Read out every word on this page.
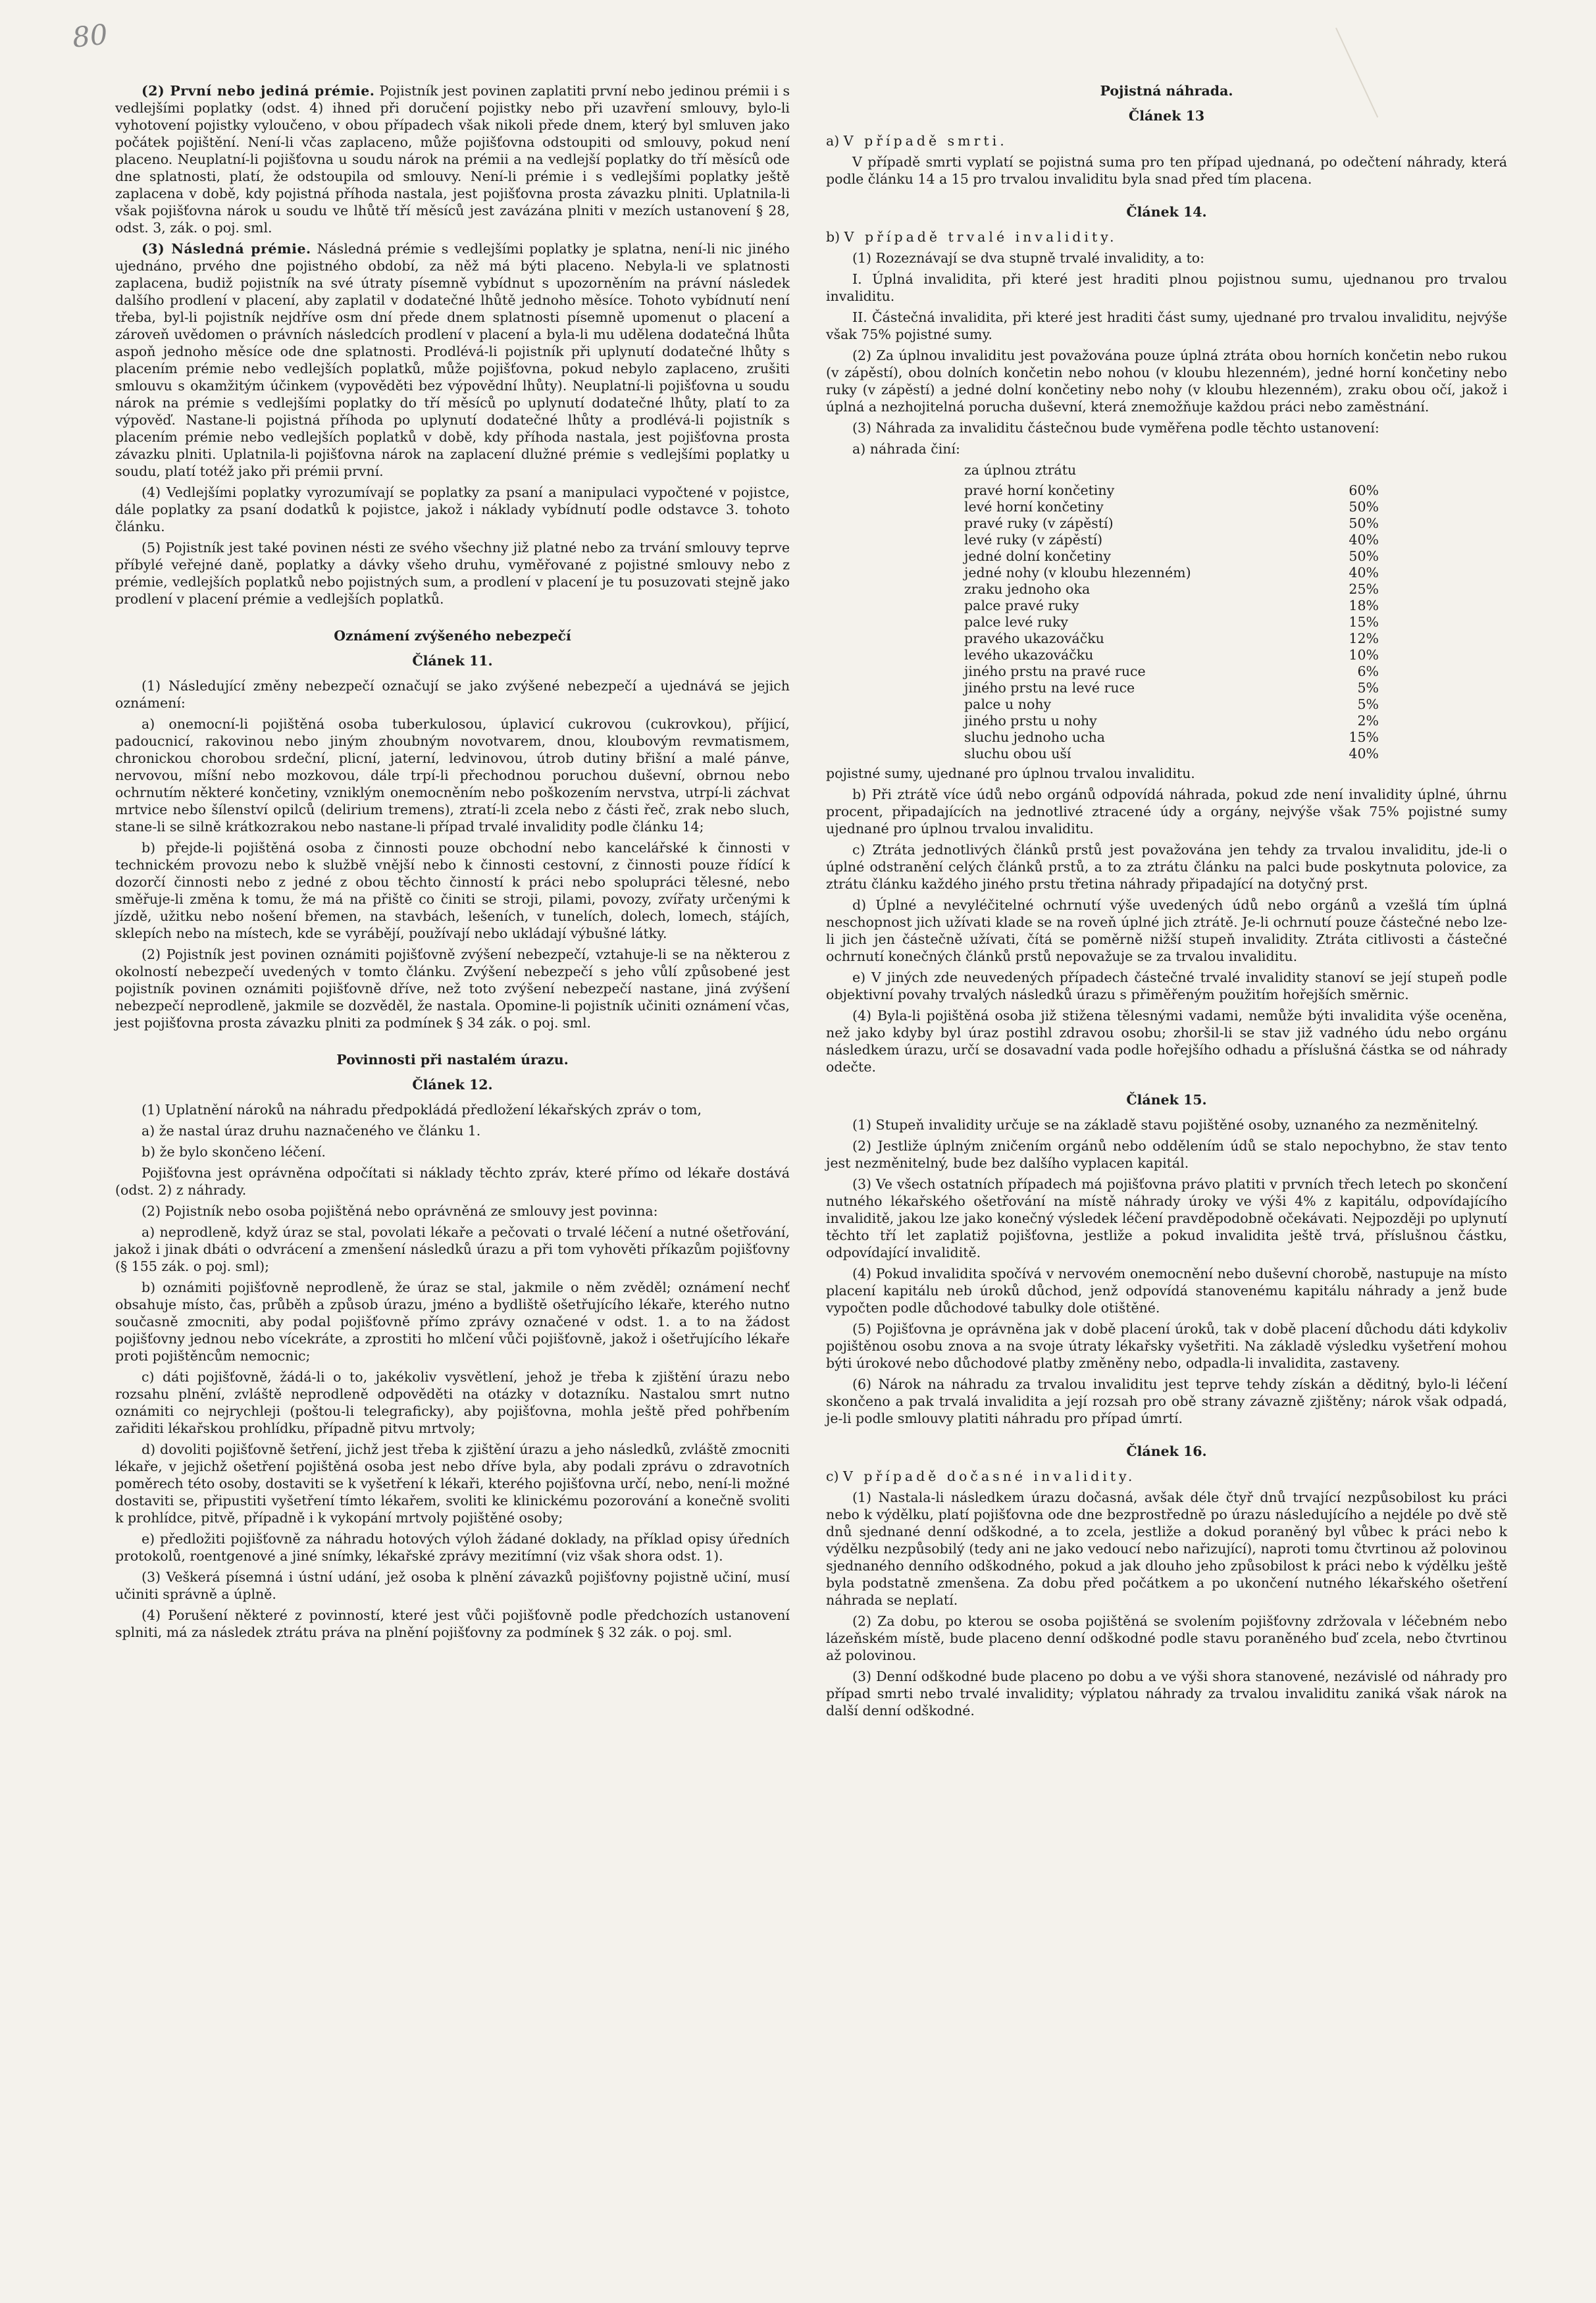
80

(2) První nebo jediná prémie. Pojistník jest povinen zaplatiti první nebo jedinou prémii i s vedlejšími poplatky (odst. 4) ihned při doručení pojistky nebo při uzavření smlouvy, bylo-li vyhotovení pojistky vyloučeno, v obou případech však nikoli přede dnem, který byl smluven jako počátek pojištění. Není-li včas zaplaceno, může pojišťovna odstoupiti od smlouvy, pokud není placeno. Neuplatní-li pojišťovna u soudu nárok na prémii a na vedlejší poplatky do tří měsíců ode dne splatnosti, platí, že odstoupila od smlouvy. Není-li prémie i s vedlejšími poplatky ještě zaplacena v době, kdy pojistná příhoda nastala, jest pojišťovna prosta závazku plniti. Uplatnila-li však pojišťovna nárok u soudu ve lhůtě tří měsíců jest zavázána plniti v mezích ustanovení § 28, odst. 3, zák. o poj. sml.

(3) Následná prémie. Následná prémie s vedlejšími poplatky je splatna, není-li nic jiného ujednáno, prvého dne pojistného období, za něž má býti placeno. Nebyla-li ve splatnosti zaplacena, budiž pojistník na své útraty písemně vybídnut s upozorněním na právní následek dalšího prodlení v placení, aby zaplatil v dodatečné lhůtě jednoho měsíce. Tohoto vybídnutí není třeba, byl-li pojistník nejdříve osm dní přede dnem splatnosti písemně upomenut o placení a zároveň uvědomen o právních následcích prodlení v placení a byla-li mu udělena dodatečná lhůta aspoň jednoho měsíce ode dne splatnosti. Prodlévá-li pojistník při uplynutí dodatečné lhůty s placením prémie nebo vedlejších poplatků, může pojišťovna, pokud nebylo zaplaceno, zrušiti smlouvu s okamžitým účinkem (vypověděti bez výpovědní lhůty). Neuplatní-li pojišťovna u soudu nárok na prémie s vedlejšími poplatky do tří měsíců po uplynutí dodatečné lhůty, platí to za výpověď. Nastane-li pojistná příhoda po uplynutí dodatečné lhůty a prodlévá-li pojistník s placením prémie nebo vedlejších poplatků v době, kdy příhoda nastala, jest pojišťovna prosta závazku plniti. Uplatnila-li pojišťovna nárok na zaplacení dlužné prémie s vedlejšími poplatky u soudu, platí totéž jako při prémii první.

(4) Vedlejšími poplatky vyrozumívají se poplatky za psaní a manipulaci vypočtené v pojistce, dále poplatky za psaní dodatků k pojistce, jakož i náklady vybídnutí podle odstavce 3. tohoto článku.

(5) Pojistník jest také povinen nésti ze svého všechny již platné nebo za trvání smlouvy teprve příbylé veřejné daně, poplatky a dávky všeho druhu, vyměřované z pojistné smlouvy nebo z prémie, vedlejších poplatků nebo pojistných sum, a prodlení v placení je tu posuzovati stejně jako prodlení v placení prémie a vedlejších poplatků.

Oznámení zvýšeného nebezpečí
Článek 11.

(1) Následující změny nebezpečí označují se jako zvýšené nebezpečí a ujednává se jejich oznámení:

a) onemocní-li pojištěná osoba tuberkulosou, úplavicí cukrovou (cukrovkou), příjicí, padoucnicí, rakovinou nebo jiným zhoubným novotvarem, dnou, kloubovým revmatismem, chronickou chorobou srdeční, plicní, jaterní, ledvinovou, útrob dutiny břišní a malé pánve, nervovou, míšní nebo mozkovou, dále trpí-li přechodnou poruchou duševní, obrnou nebo ochrnutím některé končetiny, vzniklým onemocněním nebo poškozením nervstva, utrpí-li záchvat mrtvice nebo šílenství opilců (delirium tremens), ztratí-li zcela nebo z části řeč, zrak nebo sluch, stane-li se silně krátkozrakou nebo nastane-li případ trvalé invalidity podle článku 14;

b) přejde-li pojištěná osoba z činnosti pouze obchodní nebo kancelářské k činnosti v technickém provozu nebo k službě vnější nebo k činnosti cestovní, z činnosti pouze řídící k dozorčí činnosti nebo z jedné z obou těchto činností k práci nebo spolupráci tělesné, nebo směřuje-li změna k tomu, že má na přiště co činiti se stroji, pilami, povozy, zvířaty určenými k jízdě, užitku nebo nošení břemen, na stavbách, lešeních, v tunelích, dolech, lomech, stájích, sklepích nebo na místech, kde se vyrábějí, používají nebo ukládají výbušné látky.

(2) Pojistník jest povinen oznámiti pojišťovně zvýšení nebezpečí, vztahuje-li se na některou z okolností nebezpečí uvedených v tomto článku. Zvýšení nebezpečí s jeho vůlí způsobené jest pojistník povinen oznámiti pojišťovně dříve, než toto zvýšení nebezpečí nastane, jiná zvýšení nebezpečí neprodleně, jakmile se dozvěděl, že nastala. Opomine-li pojistník učiniti oznámení včas, jest pojišťovna prosta závazku plniti za podmínek § 34 zák. o poj. sml.

Povinnosti při nastalém úrazu.
Článek 12.

(1) Uplatnění nároků na náhradu předpokládá předložení lékařských zpráv o tom,

a) že nastal úraz druhu naznačeného ve článku 1.

b) že bylo skončeno léčení.

Pojišťovna jest oprávněna odpočítati si náklady těchto zpráv, které přímo od lékaře dostává (odst. 2) z náhrady.

(2) Pojistník nebo osoba pojištěná nebo oprávněná ze smlouvy jest povinna:

a) neprodleně, když úraz se stal, povolati lékaře a pečovati o trvalé léčení a nutné ošetřování, jakož i jinak dbáti o odvrácení a zmenšení následků úrazu a při tom vyhověti příkazům pojišťovny (§ 155 zák. o poj. sml);

b) oznámiti pojišťovně neprodleně, že úraz se stal, jakmile o něm zvěděl; oznámení nechť obsahuje místo, čas, průběh a způsob úrazu, jméno a bydliště ošetřujícího lékaře, kterého nutno současně zmocniti, aby podal pojišťovně přímo zprávy označené v odst. 1. a to na žádost pojišťovny jednou nebo vícekráte, a zprostiti ho mlčení vůči pojišťovně, jakož i ošetřujícího lékaře proti pojištěncům nemocnic;

c) dáti pojišťovně, žádá-li o to, jakékoliv vysvětlení, jehož je třeba k zjištění úrazu nebo rozsahu plnění, zvláště neprodleně odpověděti na otázky v dotazníku. Nastalou smrt nutno oznámiti co nejrychleji (poštou-li telegraficky), aby pojišťovna, mohla ještě před pohřbením zařiditi lékařskou prohlídku, případně pitvu mrtvoly;

d) dovoliti pojišťovně šetření, jichž jest třeba k zjištění úrazu a jeho následků, zvláště zmocniti lékaře, v jejichž ošetření pojištěná osoba jest nebo dříve byla, aby podali zprávu o zdravotních poměrech této osoby, dostaviti se k vyšetření k lékaři, kterého pojišťovna určí, nebo, není-li možné dostaviti se, připustiti vyšetření tímto lékařem, svoliti ke klinickému pozorování a konečně svoliti k prohlídce, pitvě, případně i k vykopání mrtvoly pojištěné osoby;

e) předložiti pojišťovně za náhradu hotových výloh žádané doklady, na příklad opisy úředních protokolů, roentgenové a jiné snímky, lékařské zprávy mezitímní (viz však shora odst. 1).

(3) Veškerá písemná i ústní udání, jež osoba k plnění závazků pojišťovny pojistně učiní, musí učiniti správně a úplně.

(4) Porušení některé z povinností, které jest vůči pojišťovně podle předchozích ustanovení splniti, má za následek ztrátu práva na plnění pojišťovny za podmínek § 32 zák. o poj. sml.

Pojistná náhrada.
Článek 13

a) V případě smrti.

V případě smrti vyplatí se pojistná suma pro ten případ ujednaná, po odečtení náhrady, která podle článku 14 a 15 pro trvalou invaliditu byla snad před tím placena.

Článek 14.

b) V případě trvalé invalidity.

(1) Rozeznávají se dva stupně trvalé invalidity, a to:

I. Úplná invalidita, při které jest hraditi plnou pojistnou sumu, ujednanou pro trvalou invaliditu.

II. Částečná invalidita, při které jest hraditi část sumy, ujednané pro trvalou invaliditu, nejvýše však 75% pojistné sumy.

(2) Za úplnou invaliditu jest považována pouze úplná ztráta obou horních končetin nebo rukou (v zápěstí), obou dolních končetin nebo nohou (v kloubu hlezenném), jedné horní končetiny nebo ruky (v zápěstí) a jedné dolní končetiny nebo nohy (v kloubu hlezenném), zraku obou očí, jakož i úplná a nezhojitelná porucha duševní, která znemožňuje každou práci nebo zaměstnání.

(3) Náhrada za invaliditu částečnou bude vyměřena podle těchto ustanovení:

a) náhrada činí:

za úplnou ztrátu

pravé horní končetiny	60%
levé horní končetiny	50%
pravé ruky (v zápěstí)	50%
levé ruky (v zápěstí)	40%
jedné dolní končetiny	50%
jedné nohy (v kloubu hlezenném)	40%
zraku jednoho oka	25%
palce pravé ruky	18%
palce levé ruky	15%
pravého ukazováčku	12%
levého ukazováčku	10%
jiného prstu na pravé ruce	6%
jiného prstu na levé ruce	5%
palce u nohy	5%
jiného prstu u nohy	2%
sluchu jednoho ucha	15%
sluchu obou uší	40%

pojistné sumy, ujednané pro úplnou trvalou invaliditu.

b) Při ztrátě více údů nebo orgánů odpovídá náhrada, pokud zde není invalidity úplné, úhrnu procent, připadajících na jednotlivé ztracené údy a orgány, nejvýše však 75% pojistné sumy ujednané pro úplnou trvalou invaliditu.

c) Ztráta jednotlivých článků prstů jest považována jen tehdy za trvalou invaliditu, jde-li o úplné odstranění celých článků prstů, a to za ztrátu článku na palci bude poskytnuta polovice, za ztrátu článku každého jiného prstu třetina náhrady připadající na dotyčný prst.

d) Úplné a nevyléčitelné ochrnutí výše uvedených údů nebo orgánů a vzešlá tím úplná neschopnost jich užívati klade se na roveň úplné jich ztrátě. Je-li ochrnutí pouze částečné nebo lze-li jich jen částečně užívati, čítá se poměrně nižší stupeň invalidity. Ztráta citlivosti a částečné ochrnutí konečných článků prstů nepovažuje se za trvalou invaliditu.

e) V jiných zde neuvedených případech částečné trvalé invalidity stanoví se její stupeň podle objektivní povahy trvalých následků úrazu s přiměřeným použitím hořejších směrnic.

(4) Byla-li pojištěná osoba již stižena tělesnými vadami, nemůže býti invalidita výše oceněna, než jako kdyby byl úraz postihl zdravou osobu; zhoršil-li se stav již vadného údu nebo orgánu následkem úrazu, určí se dosavadní vada podle hořejšího odhadu a příslušná částka se od náhrady odečte.

Článek 15.

(1) Stupeň invalidity určuje se na základě stavu pojištěné osoby, uznaného za nezměnitelný.

(2) Jestliže úplným zničením orgánů nebo oddělením údů se stalo nepochybno, že stav tento jest nezměnitelný, bude bez dalšího vyplacen kapitál.

(3) Ve všech ostatních případech má pojišťovna právo platiti v prvních třech letech po skončení nutného lékařského ošetřování na místě náhrady úroky ve výši 4% z kapitálu, odpovídajícího invaliditě, jakou lze jako konečný výsledek léčení pravděpodobně očekávati. Nejpozději po uplynutí těchto tří let zaplatiž pojišťovna, jestliže a pokud invalidita ještě trvá, příslušnou částku, odpovídající invaliditě.

(4) Pokud invalidita spočívá v nervovém onemocnění nebo duševní chorobě, nastupuje na místo placení kapitálu neb úroků důchod, jenž odpovídá stanovenému kapitálu náhrady a jenž bude vypočten podle důchodové tabulky dole otištěné.

(5) Pojišťovna je oprávněna jak v době placení úroků, tak v době placení důchodu dáti kdykoliv pojištěnou osobu znova a na svoje útraty lékařsky vyšetřiti. Na základě výsledku vyšetření mohou býti úrokové nebo důchodové platby změněny nebo, odpadla-li invalidita, zastaveny.

(6) Nárok na náhradu za trvalou invaliditu jest teprve tehdy získán a děditný, bylo-li léčení skončeno a pak trvalá invalidita a její rozsah pro obě strany závazně zjištěny; nárok však odpadá, je-li podle smlouvy platiti náhradu pro případ úmrtí.

Článek 16.

c) V případě dočasné invalidity.

(1) Nastala-li následkem úrazu dočasná, avšak déle čtyř dnů trvající nezpůsobilost ku práci nebo k výdělku, platí pojišťovna ode dne bezprostředně po úrazu následujícího a nejdéle po dvě stě dnů sjednané denní odškodné, a to zcela, jestliže a dokud poraněný byl vůbec k práci nebo k výdělku nezpůsobilý (tedy ani ne jako vedoucí nebo nařizující), naproti tomu čtvrtinou až polovinou sjednaného denního odškodného, pokud a jak dlouho jeho způsobilost k práci nebo k výdělku ještě byla podstatně zmenšena. Za dobu před počátkem a po ukončení nutného lékařského ošetření náhrada se neplatí.

(2) Za dobu, po kterou se osoba pojištěná se svolením pojišťovny zdržovala v léčebném nebo lázeňském místě, bude placeno denní odškodné podle stavu poraněného buď zcela, nebo čtvrtinou až polovinou.

(3) Denní odškodné bude placeno po dobu a ve výši shora stanovené, nezávislé od náhrady pro případ smrti nebo trvalé invalidity; výplatou náhrady za trvalou invaliditu zaniká však nárok na další denní odškodné.
